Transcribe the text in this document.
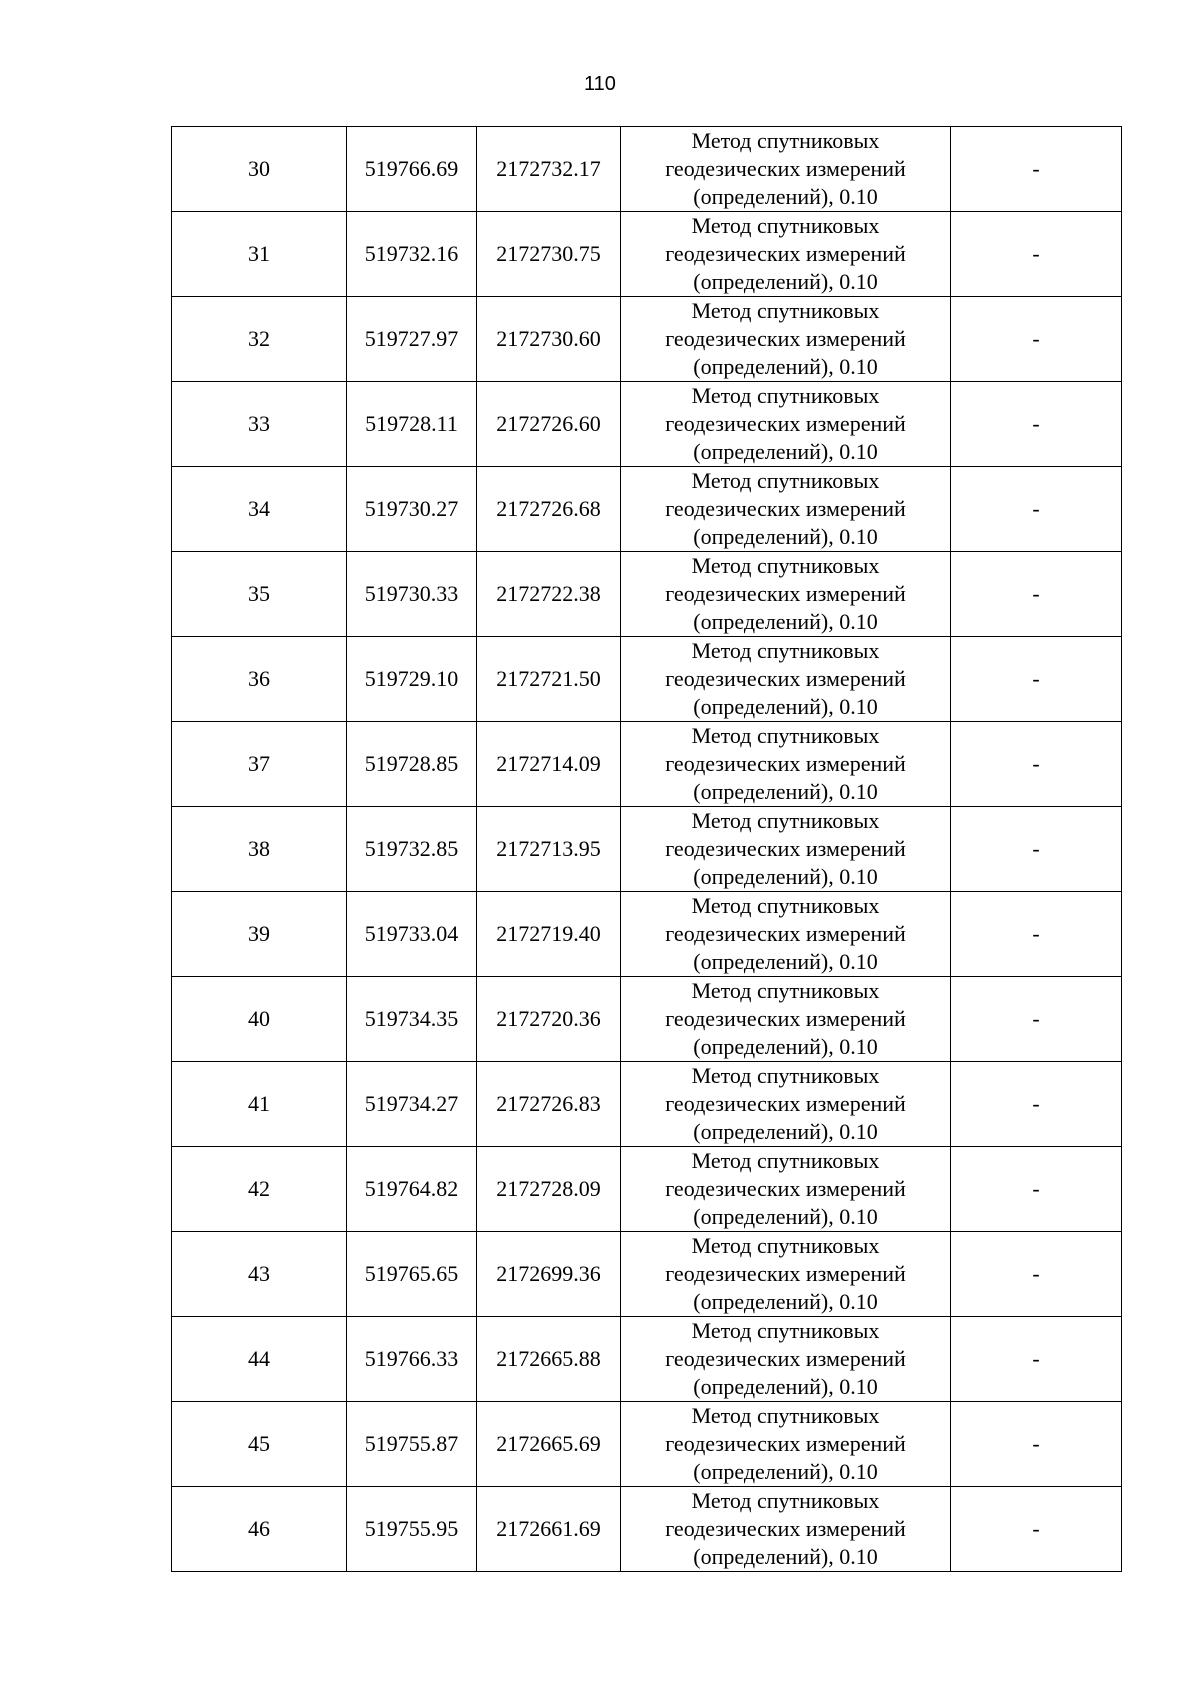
110
30	519766.69	2172732.17	Метод спутниковых
геодезических измерений
(определений), 0.10	-
31	519732.16	2172730.75	Метод спутниковых
геодезических измерений
(определений), 0.10	-
32	519727.97	2172730.60	Метод спутниковых
геодезических измерений
(определений), 0.10	-
33	519728.11	2172726.60	Метод спутниковых
геодезических измерений
(определений), 0.10	-
34	519730.27	2172726.68	Метод спутниковых
геодезических измерений
(определений), 0.10	-
35	519730.33	2172722.38	Метод спутниковых
геодезических измерений
(определений), 0.10	-
36	519729.10	2172721.50	Метод спутниковых
геодезических измерений
(определений), 0.10	-
37	519728.85	2172714.09	Метод спутниковых
геодезических измерений
(определений), 0.10	-
38	519732.85	2172713.95	Метод спутниковых
геодезических измерений
(определений), 0.10	-
39	519733.04	2172719.40	Метод спутниковых
геодезических измерений
(определений), 0.10	-
40	519734.35	2172720.36	Метод спутниковых
геодезических измерений
(определений), 0.10	-
41	519734.27	2172726.83	Метод спутниковых
геодезических измерений
(определений), 0.10	-
42	519764.82	2172728.09	Метод спутниковых
геодезических измерений
(определений), 0.10	-
43	519765.65	2172699.36	Метод спутниковых
геодезических измерений
(определений), 0.10	-
44	519766.33	2172665.88	Метод спутниковых
геодезических измерений
(определений), 0.10	-
45	519755.87	2172665.69	Метод спутниковых
геодезических измерений
(определений), 0.10	-
46	519755.95	2172661.69	Метод спутниковых
геодезических измерений
(определений), 0.10	-
